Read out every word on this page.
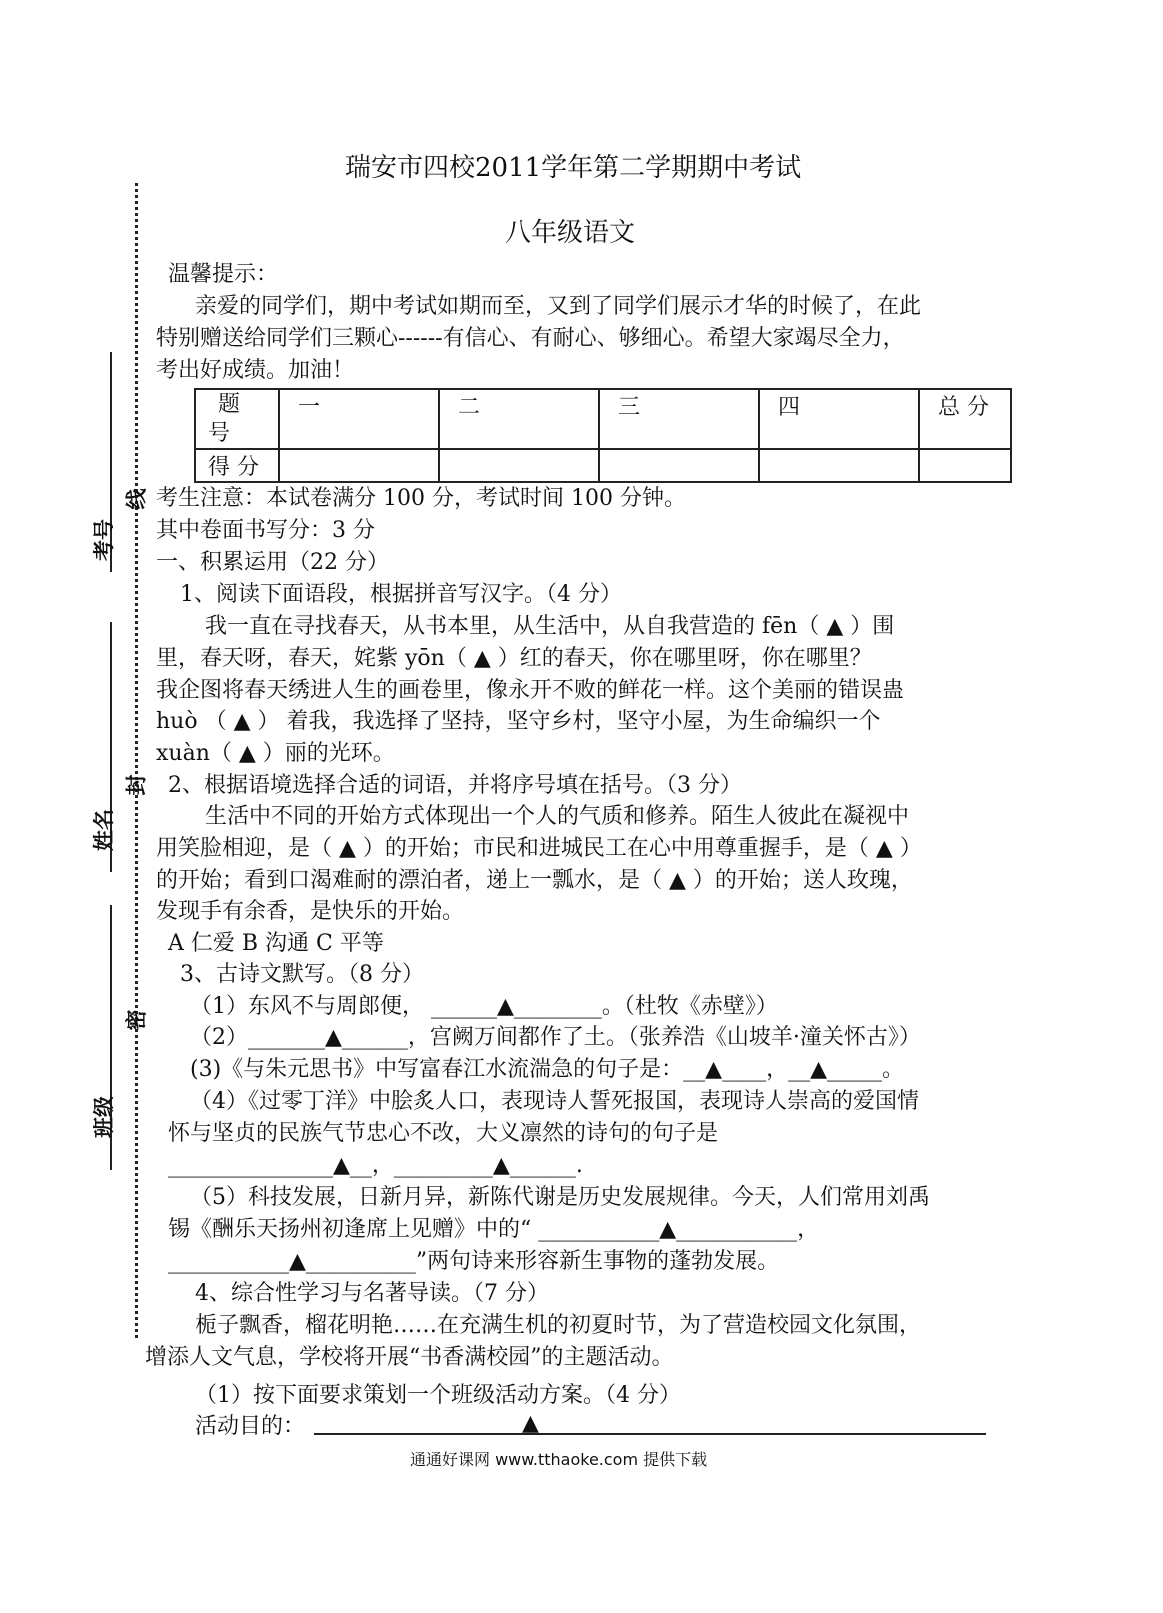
考号
姓名
班级
线
封
密
瑞安市四校2011学年第二学期期中考试
八年级语文
温馨提示：
亲爱的同学们，期中考试如期而至，又到了同学们展示才华的时候了，在此
特别赠送给同学们三颗心------有信心、有耐心、够细心。希望大家竭尽全力，
考出好成绩。加油！
题
号	一	二	三	四	总 分
得 分					
考生注意：本试卷满分 100 分，考试时间 100 分钟。
其中卷面书写分：3 分
一、积累运用（22 分）
1、阅读下面语段，根据拼音写汉字。（4 分）
我一直在寻找春天，从书本里，从生活中，从自我营造的 fēn（ ▲ ）围
里，春天呀，春天，姹紫 yōn（ ▲ ）红的春天，你在哪里呀，你在哪里？
我企图将春天绣进人生的画卷里，像永开不败的鲜花一样。这个美丽的错误蛊
huò （ ▲ ） 着我，我选择了坚持，坚守乡村，坚守小屋，为生命编织一个
xuàn（ ▲ ）丽的光环。
2、根据语境选择合适的词语，并将序号填在括号。（3 分）
生活中不同的开始方式体现出一个人的气质和修养。陌生人彼此在凝视中
用笑脸相迎，是（ ▲ ）的开始；市民和进城民工在心中用尊重握手，是（ ▲ ）
的开始；看到口渴难耐的漂泊者，递上一瓢水，是（ ▲ ）的开始；送人玫瑰，
发现手有余香，是快乐的开始。
A 仁爱 B 沟通 C 平等
3、古诗文默写。（8 分）
（1）东风不与周郎便， ______▲________。（杜牧《赤壁》）
（2）_______▲______，宫阙万间都作了土。（张养浩《山坡羊·潼关怀古》）
(3)《与朱元思书》中写富春江水流湍急的句子是：__▲____，__▲_____。
（4）《过零丁洋》中脍炙人口，表现诗人誓死报国，表现诗人崇高的爱国情
怀与坚贞的民族气节忠心不改，大义凛然的诗句的句子是
_______________▲__，_________▲______.
（5）科技发展，日新月异，新陈代谢是历史发展规律。今天，人们常用刘禹
锡《酬乐天扬州初逢席上见赠》中的“ ___________▲___________，
___________▲__________”两句诗来形容新生事物的蓬勃发展。
4、综合性学习与名著导读。（7 分）
栀子飘香，榴花明艳……在充满生机的初夏时节，为了营造校园文化氛围，
增添人文气息，学校将开展“书香满校园”的主题活动。
（1）按下面要求策划一个班级活动方案。（4 分）
活动目的：	▲
通通好课网 www.tthaoke.com 提供下载
